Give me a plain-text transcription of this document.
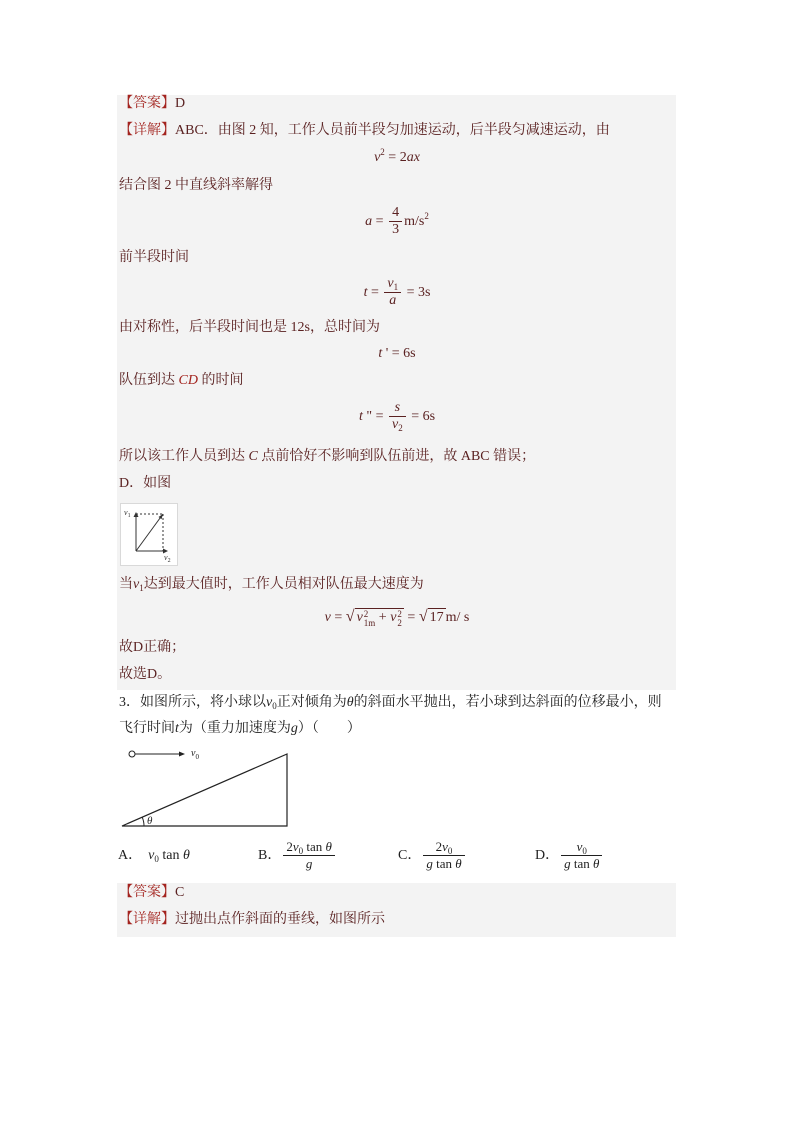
【答案】D
【详解】ABC．由图 2 知，工作人员前半段匀加速运动，后半段匀减速运动，由
$v^2 = 2ax$
结合图 2 中直线斜率解得
$a = \frac{4}{3} m/s^2$
前半段时间
$t = \frac{v_1}{a} = 3s$
由对称性，后半段时间也是 12s，总时间为
t ' = 6s
队伍到达 CD 的时间
t " = $\frac{s}{v_2} = 6s$
所以该工作人员到达 C 点前恰好不影响到队伍前进，故 ABC 错误；
D．如图
$v_1$
$v_2$
当$v_1$达到最大值时，工作人员相对队伍最大速度为
v = √ v 2
1m + v 2
2 = √ 17 m/ s
故D正确；
故选D。
3．如图所示，将小球以$v_0$正对倾角为θ的斜面水平抛出，若小球到达斜面的位移最小，则
飞行时间t为（重力加速度为g）（　　）
$v_0$
θ
A． $v_0$ tan θ	B． $\frac{2v_0 \tan \theta}{g}$	C． $\frac{2v_0}{\text{g tan θ}}$	D． $\frac{v_0}{\text{g tan θ}}$
【答案】C
【详解】过抛出点作斜面的垂线，如图所示
